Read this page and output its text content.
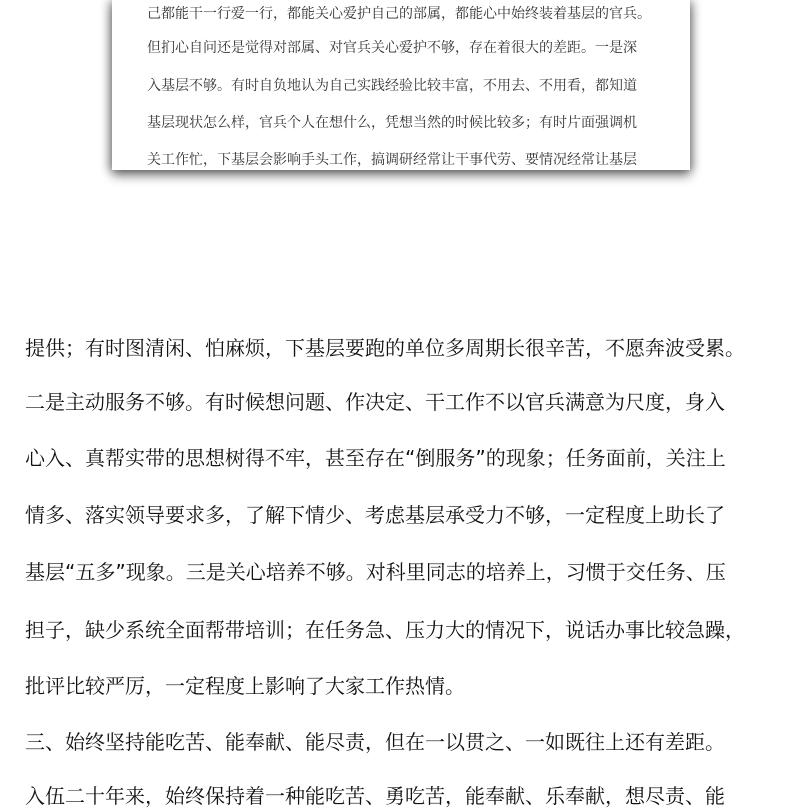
己都能干一行爱一行，都能关心爱护自己的部属，都能心中始终装着基层的官兵。
但扪心自问还是觉得对部属、对官兵关心爱护不够，存在着很大的差距。一是深
入基层不够。有时自负地认为自己实践经验比较丰富，不用去、不用看，都知道
基层现状怎么样，官兵个人在想什么，凭想当然的时候比较多；有时片面强调机
关工作忙，下基层会影响手头工作，搞调研经常让干事代劳、要情况经常让基层
提供；有时图清闲、怕麻烦，下基层要跑的单位多周期长很辛苦，不愿奔波受累。
二是主动服务不够。有时候想问题、作决定、干工作不以官兵满意为尺度，身入
心入、真帮实带的思想树得不牢，甚至存在“倒服务”的现象；任务面前，关注上
情多、落实领导要求多，了解下情少、考虑基层承受力不够，一定程度上助长了
基层“五多”现象。三是关心培养不够。对科里同志的培养上，习惯于交任务、压
担子，缺少系统全面帮带培训；在任务急、压力大的情况下，说话办事比较急躁，
批评比较严厉，一定程度上影响了大家工作热情。
三、始终坚持能吃苦、能奉献、能尽责，但在一以贯之、一如既往上还有差距。
入伍二十年来，始终保持着一种能吃苦、勇吃苦，能奉献、乐奉献，想尽责、能
